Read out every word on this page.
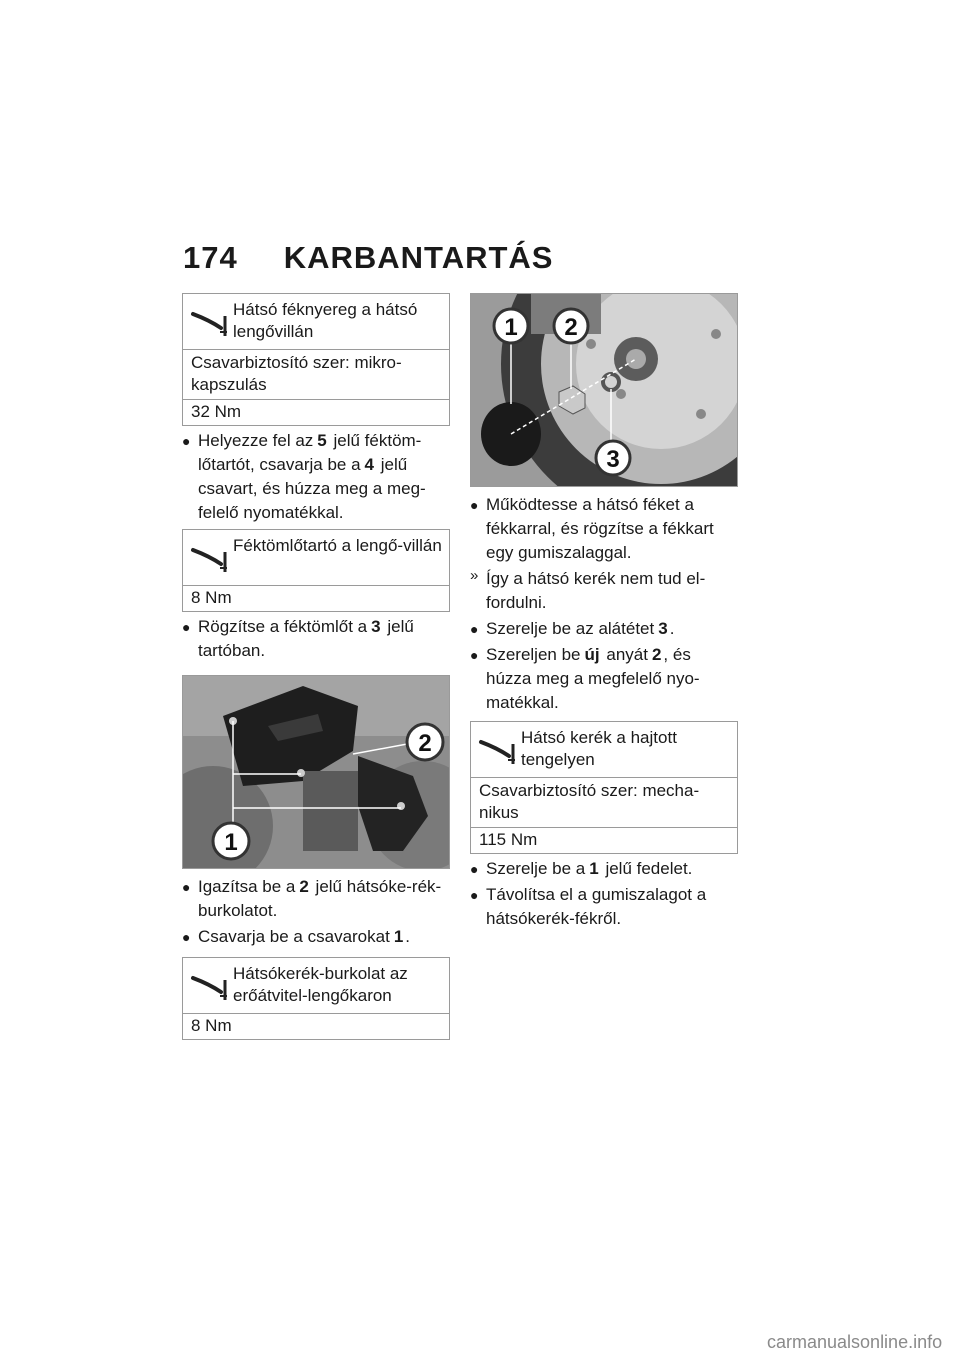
174 KARBANTARTÁS
Hátsó féknyereg a hátsó lengővillán
Csavarbiztosító szer: mikro-kapszulás
32 Nm
● Helyezze fel az 5 jelű féktöm-lőtartót, csavarja be a 4 jelű csavart, és húzza meg a meg-felelő nyomatékkal.
Féktömlőtartó a lengő-villán
8 Nm
● Rögzítse a féktömlőt a 3 jelű tartóban.
1
2
● Igazítsa be a 2 jelű hátsóke-rék-burkolatot.
● Csavarja be a csavarokat 1 .
Hátsókerék-burkolat az erőátvitel-lengőkaron
8 Nm
1 2
3
● Működtesse a hátsó féket a fékkarral, és rögzítse a fékkart egy gumiszalaggal.
» Így a hátsó kerék nem tud el-fordulni.
● Szerelje be az alátétet 3 .
● Szereljen be új anyát 2 , és húzza meg a megfelelő nyo-matékkal.
Hátsó kerék a hajtott tengelyen
Csavarbiztosító szer: mecha-nikus
115 Nm
● Szerelje be a 1 jelű fedelet.
● Távolítsa el a gumiszalagot a hátsókerék-fékről.
carmanualsonline.info
